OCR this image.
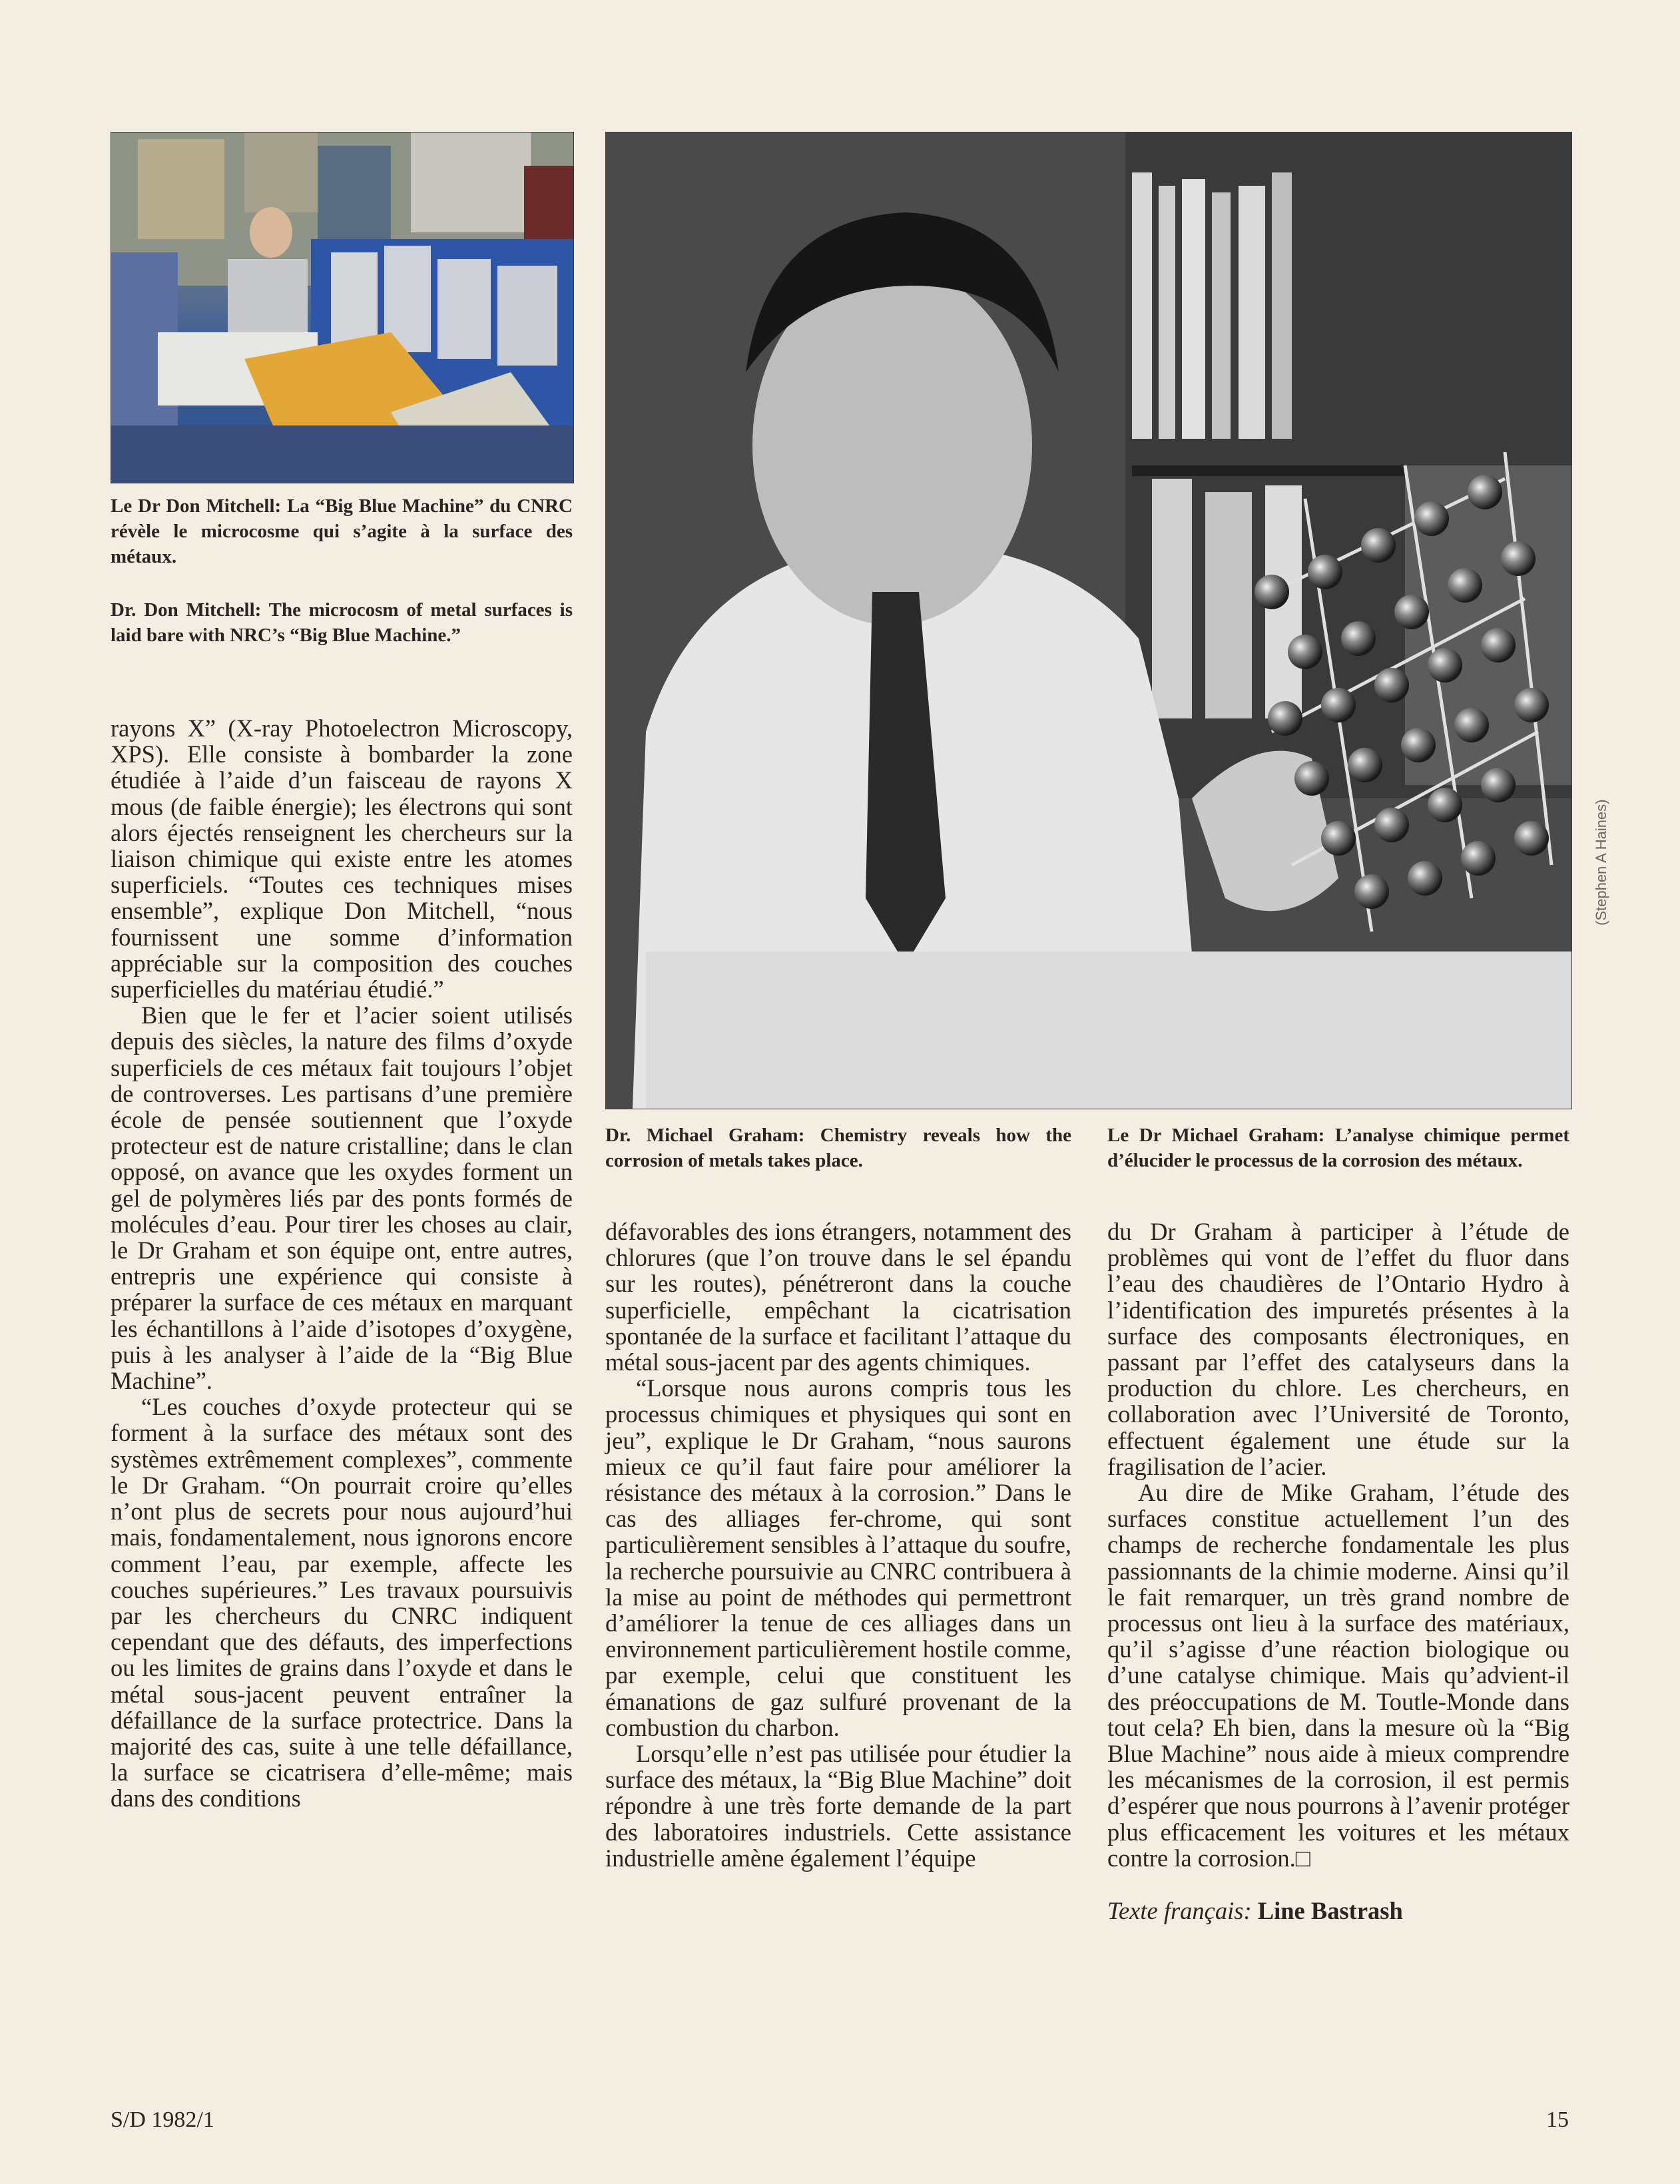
(Stephen A Haines)

Le Dr Don Mitchell: La “Big Blue Machine” du CNRC révèle le microcosme qui s’agite à la surface des métaux.

Dr. Don Mitchell: The microcosm of metal surfaces is laid bare with NRC’s “Big Blue Machine.”

Dr. Michael Graham: Chemistry reveals how the corrosion of metals takes place.

Le Dr Michael Graham: L’analyse chimique permet d’élucider le processus de la corrosion des métaux.

rayons X” (X-ray Photoelectron Microscopy, XPS). Elle consiste à bombarder la zone étudiée à l’aide d’un faisceau de rayons X mous (de faible énergie); les électrons qui sont alors éjectés renseignent les chercheurs sur la liaison chimique qui existe entre les atomes superficiels. “Toutes ces techniques mises ensemble”, explique Don Mitchell, “nous fournissent une somme d’information appréciable sur la composition des couches superficielles du matériau étudié.”

Bien que le fer et l’acier soient utilisés depuis des siècles, la nature des films d’oxyde superficiels de ces métaux fait toujours l’objet de controverses. Les partisans d’une première école de pensée soutiennent que l’oxyde protecteur est de nature cristalline; dans le clan opposé, on avance que les oxydes forment un gel de polymères liés par des ponts formés de molécules d’eau. Pour tirer les choses au clair, le Dr Graham et son équipe ont, entre autres, entrepris une expérience qui consiste à préparer la surface de ces métaux en marquant les échantillons à l’aide d’isotopes d’oxygène, puis à les analyser à l’aide de la “Big Blue Machine”.

“Les couches d’oxyde protecteur qui se forment à la surface des métaux sont des systèmes extrêmement complexes”, commente le Dr Graham. “On pourrait croire qu’elles n’ont plus de secrets pour nous aujourd’hui mais, fondamentalement, nous ignorons encore comment l’eau, par exemple, affecte les couches supérieures.” Les travaux poursuivis par les chercheurs du CNRC indiquent cependant que des défauts, des imperfections ou les limites de grains dans l’oxyde et dans le métal sous-jacent peuvent entraîner la défaillance de la surface protectrice. Dans la majorité des cas, suite à une telle défaillance, la surface se cicatrisera d’elle-même; mais dans des conditions

défavorables des ions étrangers, notamment des chlorures (que l’on trouve dans le sel épandu sur les routes), pénétreront dans la couche superficielle, empêchant la cicatrisation spontanée de la surface et facilitant l’attaque du métal sous-jacent par des agents chimiques.

“Lorsque nous aurons compris tous les processus chimiques et physiques qui sont en jeu”, explique le Dr Graham, “nous saurons mieux ce qu’il faut faire pour améliorer la résistance des métaux à la corrosion.” Dans le cas des alliages fer-chrome, qui sont particulièrement sensibles à l’attaque du soufre, la recherche poursuivie au CNRC contribuera à la mise au point de méthodes qui permettront d’améliorer la tenue de ces alliages dans un environnement particulièrement hostile comme, par exemple, celui que constituent les émanations de gaz sulfuré provenant de la combustion du charbon.

Lorsqu’elle n’est pas utilisée pour étudier la surface des métaux, la “Big Blue Machine” doit répondre à une très forte demande de la part des laboratoires industriels. Cette assistance industrielle amène également l’équipe

du Dr Graham à participer à l’étude de problèmes qui vont de l’effet du fluor dans l’eau des chaudières de l’Ontario Hydro à l’identification des impuretés présentes à la surface des composants électroniques, en passant par l’effet des catalyseurs dans la production du chlore. Les chercheurs, en collaboration avec l’Université de Toronto, effectuent également une étude sur la fragilisation de l’acier.

Au dire de Mike Graham, l’étude des surfaces constitue actuellement l’un des champs de recherche fondamentale les plus passionnants de la chimie moderne. Ainsi qu’il le fait remarquer, un très grand nombre de processus ont lieu à la surface des matériaux, qu’il s’agisse d’une réaction biologique ou d’une catalyse chimique. Mais qu’advient-il des préoccupations de M. Toutle-Monde dans tout cela? Eh bien, dans la mesure où la “Big Blue Machine” nous aide à mieux comprendre les mécanismes de la corrosion, il est permis d’espérer que nous pourrons à l’avenir protéger plus efficacement les voitures et les métaux contre la corrosion.□

Texte français: Line Bastrash

S/D 1982/1	15
